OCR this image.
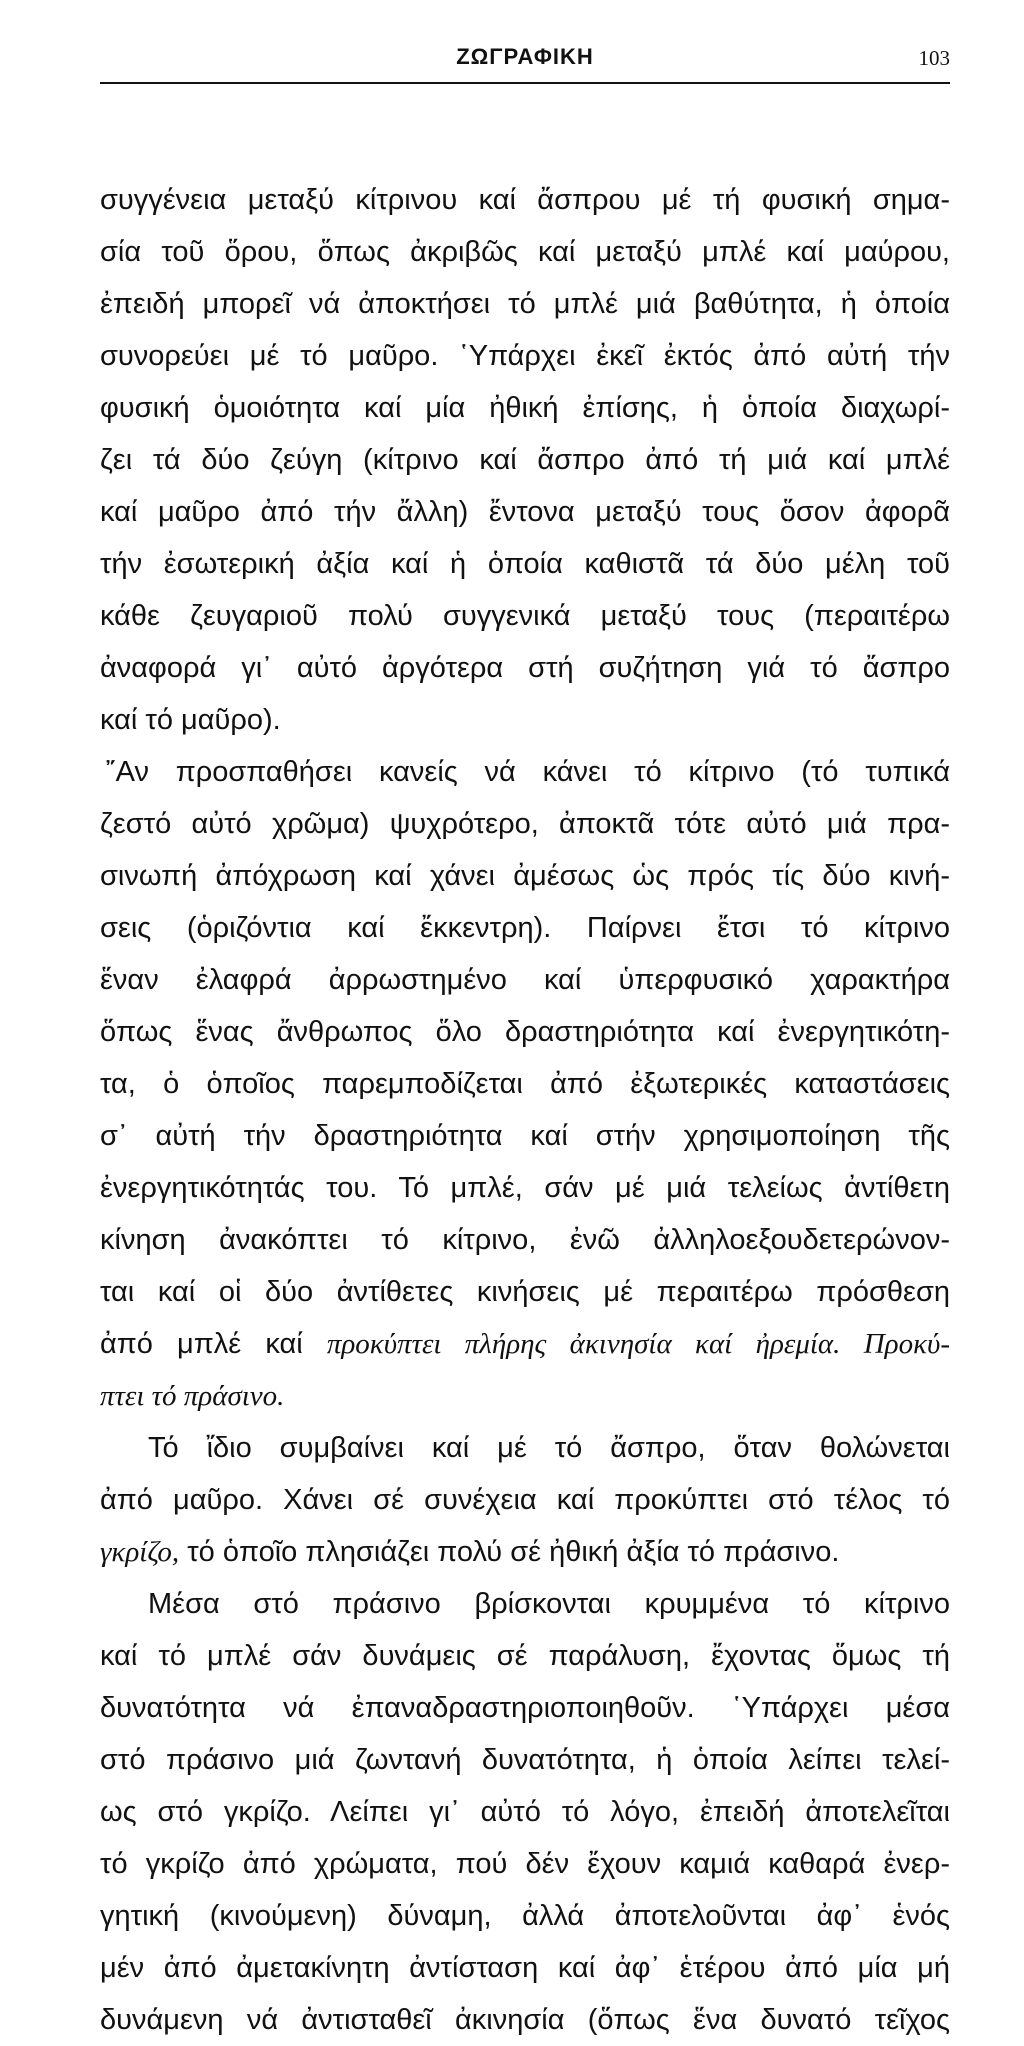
ΖΩΓΡΑΦΙΚΗ	103
συγγένεια μεταξύ κίτρινου καί ἄσπρου μέ τή φυσική σημα-
σία τοῦ ὅρου, ὅπως ἀκριβῶς καί μεταξύ μπλέ καί μαύρου,
ἐπειδή μπορεῖ νά ἀποκτήσει τό μπλέ μιά βαθύτητα, ἡ ὁποία
συνορεύει μέ τό μαῦρο. ῾Υπάρχει ἐκεῖ ἐκτός ἀπό αὐτή τήν
φυσική ὁμοιότητα καί μία ἠθική ἐπίσης, ἡ ὁποία διαχωρί-
ζει τά δύο ζεύγη (κίτρινο καί ἄσπρο ἀπό τή μιά καί μπλέ
καί μαῦρο ἀπό τήν ἄλλη) ἔντονα μεταξύ τους ὅσον ἀφορᾶ
τήν ἐσωτερική ἀξία καί ἡ ὁποία καθιστᾶ τά δύο μέλη τοῦ
κάθε ζευγαριοῦ πολύ συγγενικά μεταξύ τους (περαιτέρω
ἀναφορά γι᾿ αὐτό ἀργότερα στή συζήτηση γιά τό ἄσπρο
καί τό μαῦρο).
῎Αν προσπαθήσει κανείς νά κάνει τό κίτρινο (τό τυπικά
ζεστό αὐτό χρῶμα) ψυχρότερο, ἀποκτᾶ τότε αὐτό μιά πρα-
σινωπή ἀπόχρωση καί χάνει ἀμέσως ὡς πρός τίς δύο κινή-
σεις (ὁριζόντια καί ἔκκεντρη). Παίρνει ἔτσι τό κίτρινο
ἕναν ἐλαφρά ἀρρωστημένο καί ὑπερφυσικό χαρακτήρα
ὅπως ἕνας ἄνθρωπος ὅλο δραστηριότητα καί ἐνεργητικότη-
τα, ὁ ὁποῖος παρεμποδίζεται ἀπό ἐξωτερικές καταστάσεις
σ᾿ αὐτή τήν δραστηριότητα καί στήν χρησιμοποίηση τῆς
ἐνεργητικότητάς του. Τό μπλέ, σάν μέ μιά τελείως ἀντίθετη
κίνηση ἀνακόπτει τό κίτρινο, ἐνῶ ἀλληλοεξουδετερώνον-
ται καί οἱ δύο ἀντίθετες κινήσεις μέ περαιτέρω πρόσθεση
ἀπό μπλέ καί προκύπτει πλήρης ἀκινησία καί ἠρεμία. Προκύ-
πτει τό πράσινο.
Τό ἴδιο συμβαίνει καί μέ τό ἄσπρο, ὅταν θολώνεται
ἀπό μαῦρο. Χάνει σέ συνέχεια καί προκύπτει στό τέλος τό
γκρίζο, τό ὁποῖο πλησιάζει πολύ σέ ἠθική ἀξία τό πράσινο.
Μέσα στό πράσινο βρίσκονται κρυμμένα τό κίτρινο
καί τό μπλέ σάν δυνάμεις σέ παράλυση, ἔχοντας ὅμως τή
δυνατότητα νά ἐπαναδραστηριοποιηθοῦν. ῾Υπάρχει μέσα
στό πράσινο μιά ζωντανή δυνατότητα, ἡ ὁποία λείπει τελεί-
ως στό γκρίζο. Λείπει γι᾿ αὐτό τό λόγο, ἐπειδή ἀποτελεῖται
τό γκρίζο ἀπό χρώματα, πού δέν ἔχουν καμιά καθαρά ἐνερ-
γητική (κινούμενη) δύναμη, ἀλλά ἀποτελοῦνται ἀφ᾿ ἑνός
μέν ἀπό ἀμετακίνητη ἀντίσταση καί ἀφ᾿ ἑτέρου ἀπό μία μή
δυνάμενη νά ἀντισταθεῖ ἀκινησία (ὅπως ἕνα δυνατό τεῖχος
